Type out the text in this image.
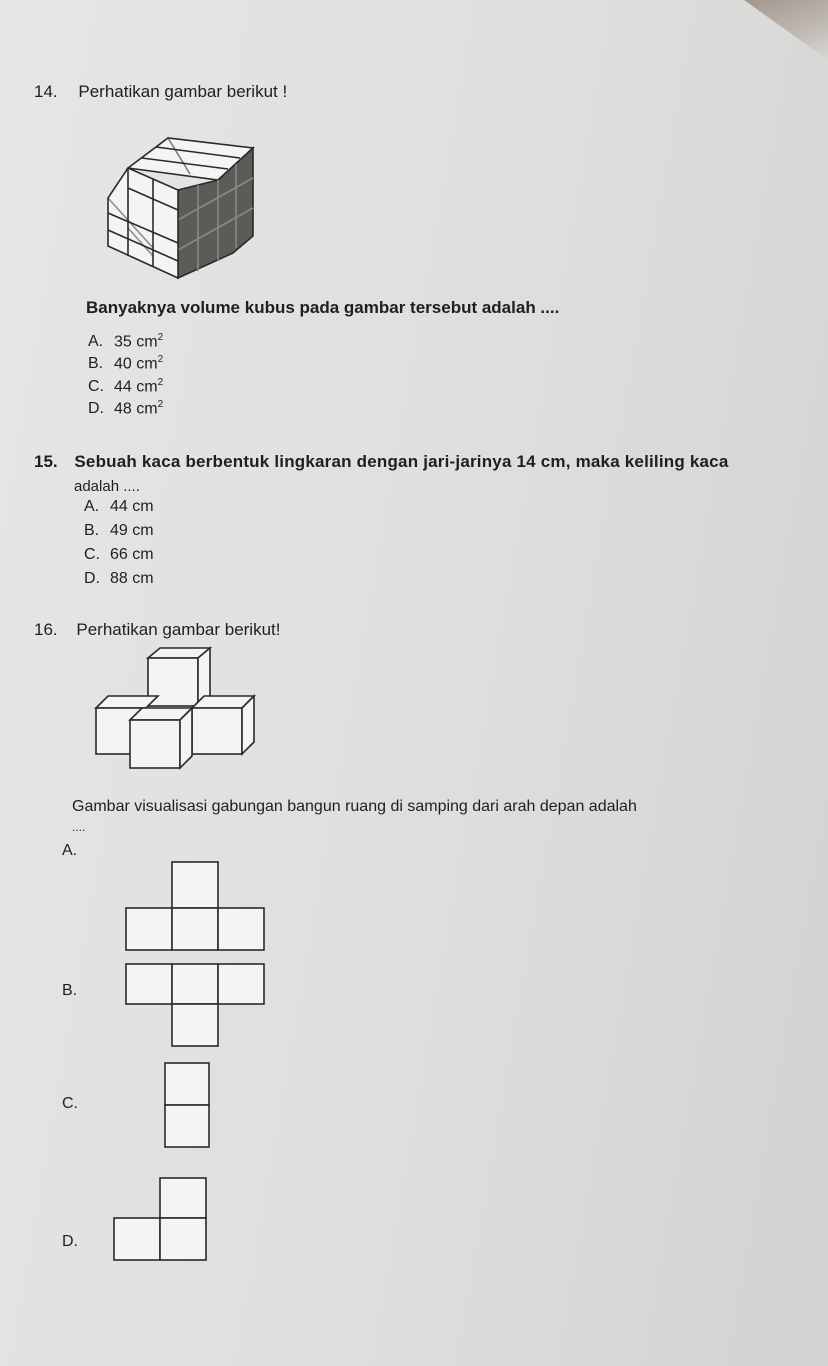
14. Perhatikan gambar berikut !
Banyaknya volume kubus pada gambar tersebut adalah ....
A. 35 $cm^2$
B. 40 $cm^2$
C. 44 $cm^2$
D. 48 $cm^2$
15. Sebuah kaca berbentuk lingkaran dengan jari-jarinya 14 cm, maka keliling kaca
adalah ....
A. 44 cm
B. 49 cm
C. 66 cm
D. 88 cm
16. Perhatikan gambar berikut!
Gambar visualisasi gabungan bangun ruang di samping dari arah depan adalah
....
A.
B.
C.
D.
